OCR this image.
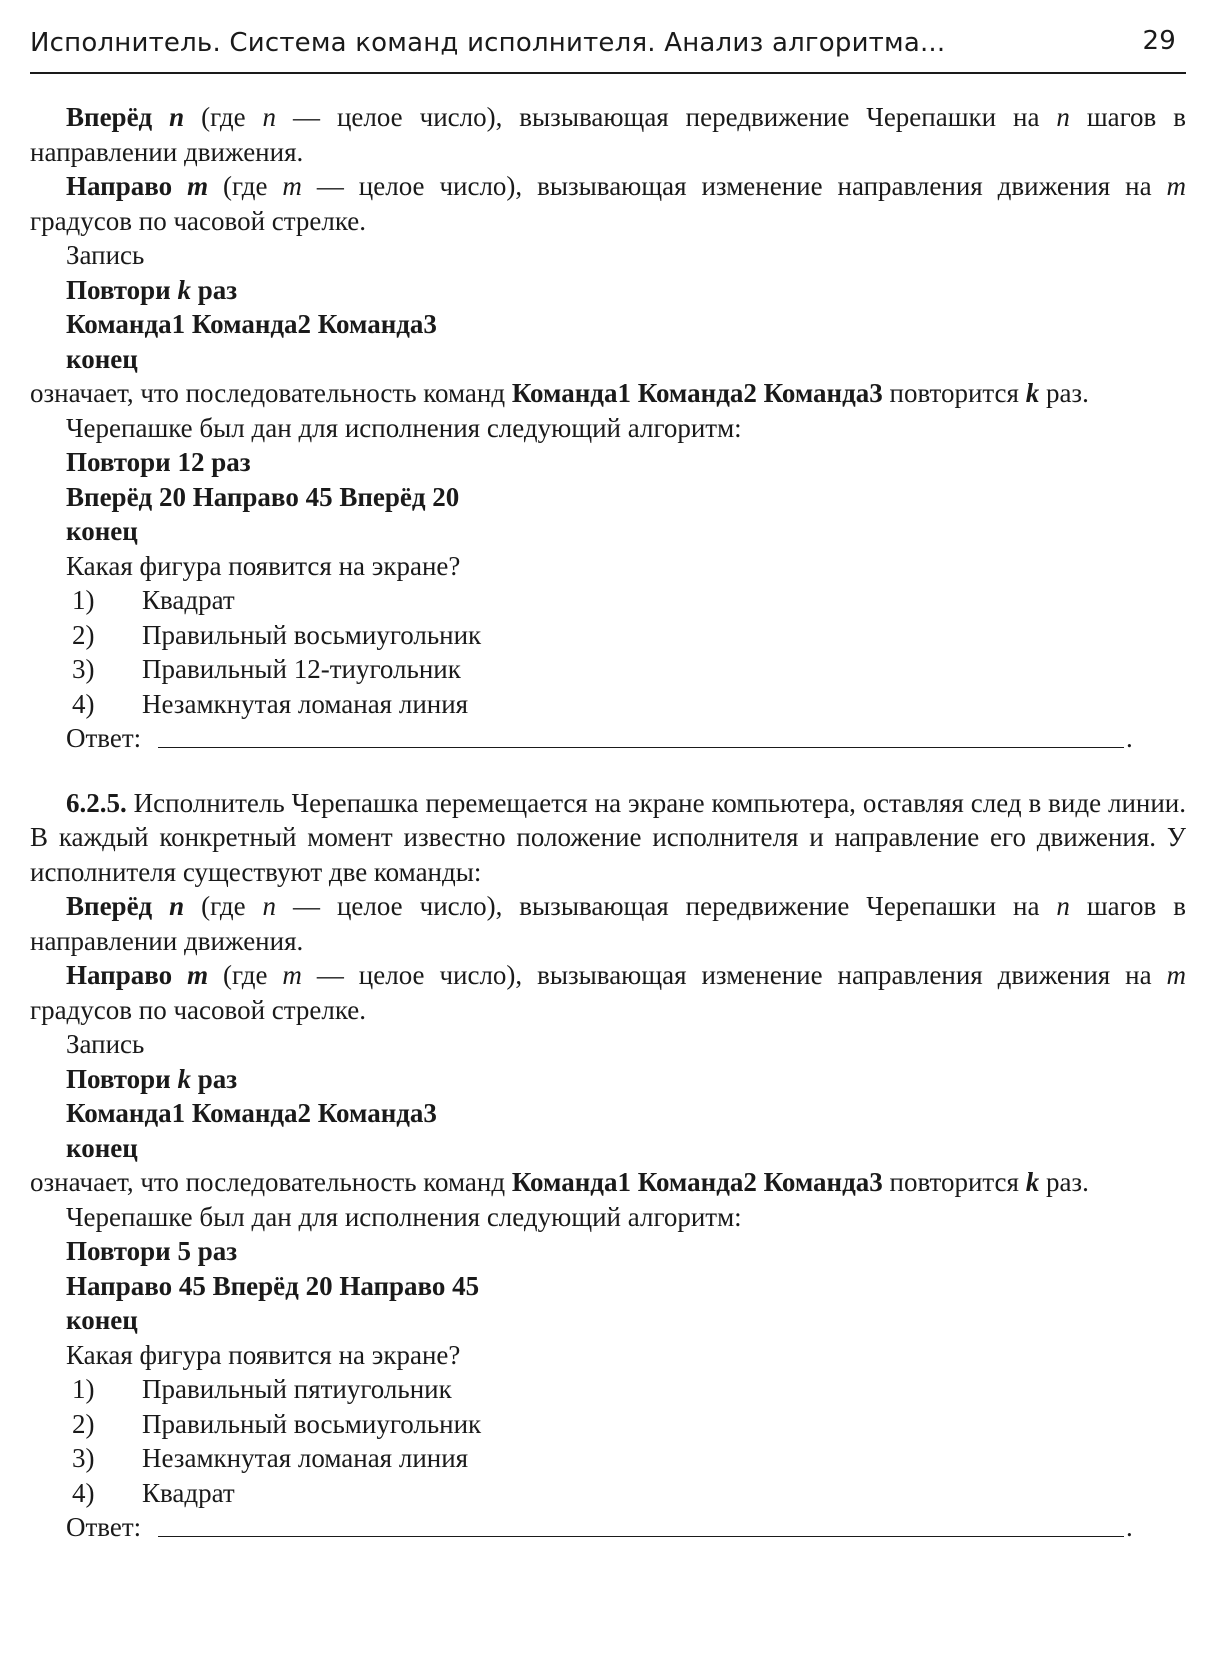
Исполнитель. Система команд исполнителя. Анализ алгоритма...	29

Вперёд n (где n — целое число), вызывающая передвижение Черепашки на n шагов в направлении движения.

Направо m (где m — целое число), вызывающая изменение направления движения на m градусов по часовой стрелке.

Запись

Повтори k раз

Команда1 Команда2 Команда3

конец

означает, что последовательность команд Команда1 Команда2 Команда3 повторится k раз.

Черепашке был дан для исполнения следующий алгоритм:

Повтори 12 раз

Вперёд 20 Направо 45 Вперёд 20

конец

Какая фигура появится на экране?

1) Квадрат

2) Правильный восьмиугольник

3) Правильный 12-тиугольник

4) Незамкнутая ломаная линия

Ответ:	.

6.2.5. Исполнитель Черепашка перемещается на экране компьютера, оставляя след в виде линии. В каждый конкретный момент известно положение исполнителя и направление его движения. У исполнителя существуют две команды:

Вперёд n (где n — целое число), вызывающая передвижение Черепашки на n шагов в направлении движения.

Направо m (где m — целое число), вызывающая изменение направления движения на m градусов по часовой стрелке.

Запись

Повтори k раз

Команда1 Команда2 Команда3

конец

означает, что последовательность команд Команда1 Команда2 Команда3 повторится k раз.

Черепашке был дан для исполнения следующий алгоритм:

Повтори 5 раз

Направо 45 Вперёд 20 Направо 45

конец

Какая фигура появится на экране?

1) Правильный пятиугольник

2) Правильный восьмиугольник

3) Незамкнутая ломаная линия

4) Квадрат

Ответ:	.
